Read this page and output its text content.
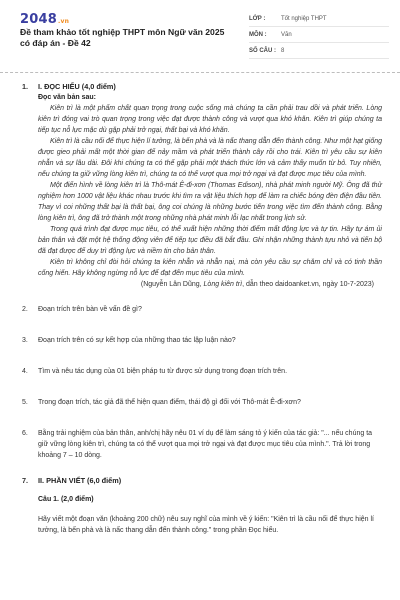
2048.vn
Đề tham khảo tốt nghiệp THPT môn Ngữ văn 2025 có đáp án - Đề 42
LỚP :	Tốt nghiệp THPT
MÔN :	Văn
SỐ CÂU : 8
1.	I. ĐỌC HIỂU (4,0 điểm)
Đọc văn bản sau:

Kiên trì là một phẩm chất quan trọng trong cuộc sống mà chúng ta cần phải trau dồi và phát triển. Lòng kiên trì đóng vai trò quan trọng trong việc đạt được thành công và vượt qua khó khăn. Kiên trì giúp chúng ta tiếp tục nỗ lực mặc dù gặp phải trở ngại, thất bại và khó khăn.

Kiên trì là cầu nối để thực hiện lí tưởng, là bến phà và là nấc thang dẫn đến thành công. Như một hạt giống được gieo phải mất một thời gian để nảy mầm và phát triển thành cây rồi cho trái. Kiên trì yêu cầu sự kiên nhẫn và sự lâu dài. Đôi khi chúng ta có thể gặp phải một thách thức lớn và cảm thấy muốn từ bỏ. Tuy nhiên, nếu chúng ta giữ vững lòng kiên trì, chúng ta có thể vượt qua mọi trở ngại và đạt được mục tiêu của mình.

Một điển hình về lòng kiên trì là Thô-mát Ê-đi-xơn (Thomas Edison), nhà phát minh người Mỹ. Ông đã thử nghiệm hơn 1000 vật liệu khác nhau trước khi tìm ra vật liệu thích hợp để làm ra chiếc bóng đèn điện đầu tiên. Thay vì coi những thất bại là thất bại, ông coi chúng là những bước tiến trong việc tìm đến thành công. Bằng lòng kiên trì, ông đã trở thành một trong những nhà phát minh lỗi lạc nhất trong lịch sử.

Trong quá trình đạt được mục tiêu, có thể xuất hiện những thời điểm mất động lực và tự tin. Hãy tự ám ủi bản thân và đặt một hệ thống động viên để tiếp tục điều đã bắt đầu. Ghi nhận những thành tựu nhỏ và tiến bộ đã đạt được để duy trì động lực và niềm tin cho bản thân.

Kiên trì không chỉ đòi hỏi chúng ta kiên nhẫn và nhẫn nại, mà còn yêu cầu sự chăm chỉ và có tinh thần cống hiến. Hãy không ngừng nỗ lực để đạt đến mục tiêu của mình.

(Nguyễn Lân Dũng, Lòng kiên trì, dẫn theo daidoanket.vn, ngày 10-7-2023)

2.	Đoạn trích trên bàn về vấn đề gì?
3.	Đoạn trích trên có sự kết hợp của những thao tác lập luận nào?
4.	Tìm và nêu tác dụng của 01 biện pháp tu từ được sử dụng trong đoạn trích trên.
5.	Trong đoạn trích, tác giả đã thể hiện quan điểm, thái độ gì đối với Thô-mát Ê-đi-xơn?
6.	Bằng trải nghiệm của bản thân, anh/chị hãy nêu 01 ví dụ để làm sáng tỏ ý kiến của tác giả: "... nếu chúng ta giữ vững lòng kiên trì, chúng ta có thể vượt qua mọi trở ngại và đạt được mục tiêu của mình.". Trả lời trong khoảng 7 – 10 dòng.
7.	II. PHẦN VIẾT (6,0 điểm)
Câu 1. (2,0 điểm)

Hãy viết một đoạn văn (khoảng 200 chữ) nêu suy nghĩ của mình về ý kiến: "Kiên trì là cầu nối để thực hiện lí tưởng, là bến phà và là nấc thang dẫn đến thành công." trong phần Đọc hiểu.
